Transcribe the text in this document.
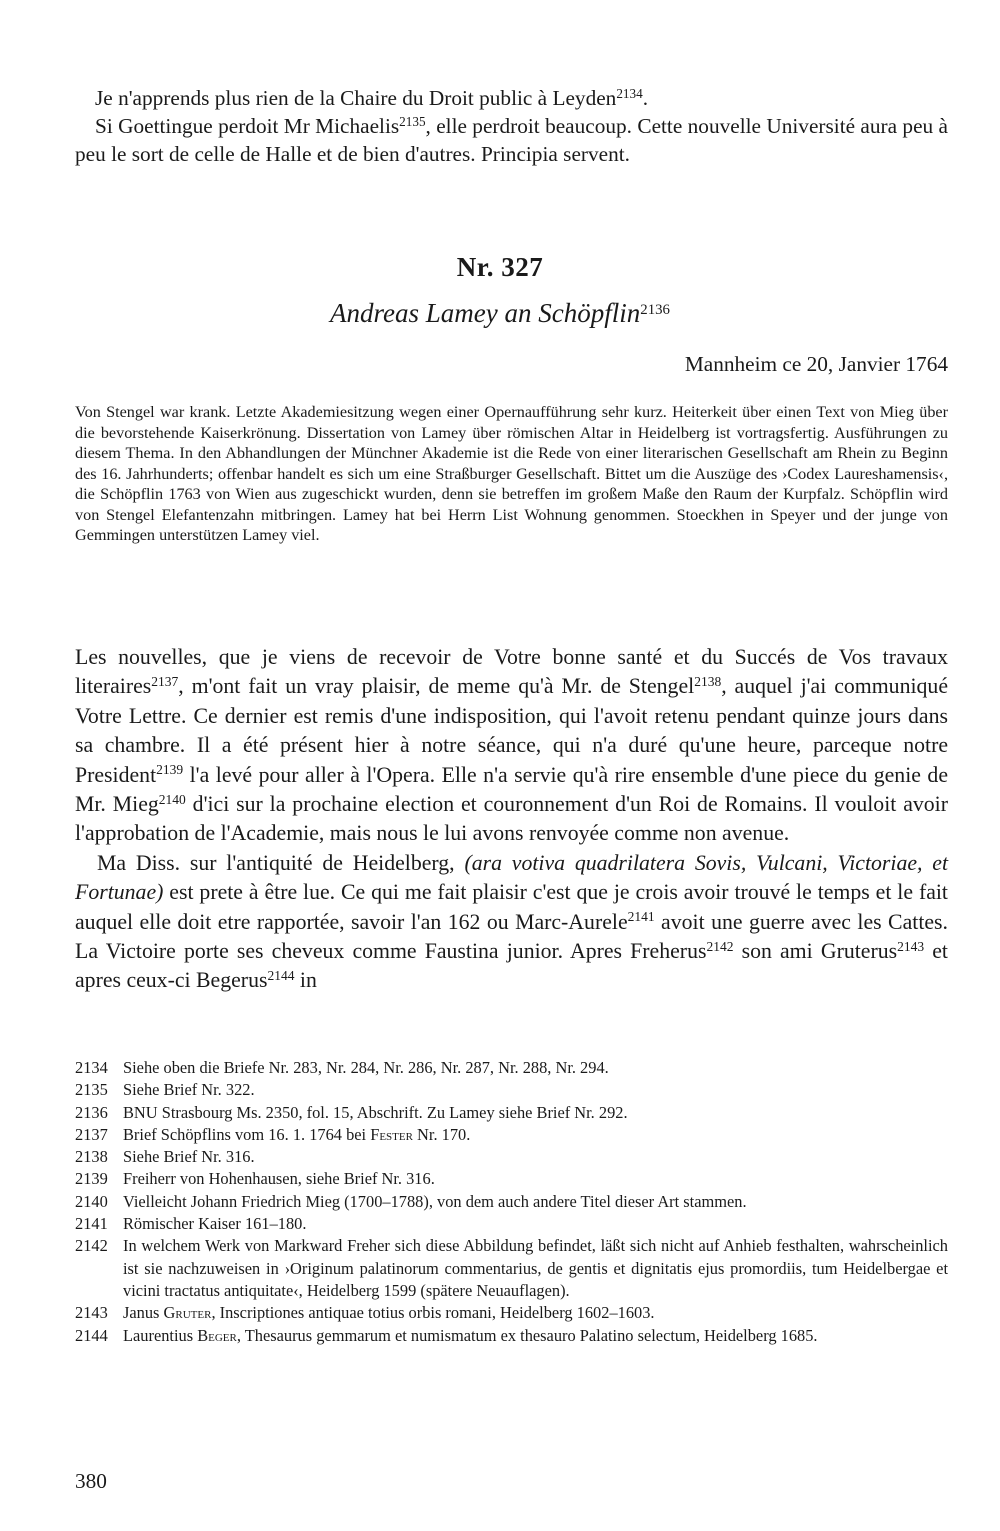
Je n'apprends plus rien de la Chaire du Droit public à Leyden$^{2134}$.

Si Goettingue perdoit Mr Michaelis$^{2135}$, elle perdroit beaucoup. Cette nouvelle Université aura peu à peu le sort de celle de Halle et de bien d'autres. Principia servent.

Nr. 327
Andreas Lamey an Schöpflin$^{2136}$
Mannheim ce 20, Janvier 1764

Von Stengel war krank. Letzte Akademiesitzung wegen einer Opernaufführung sehr kurz. Heiterkeit über einen Text von Mieg über die bevorstehende Kaiserkrönung. Dissertation von Lamey über römischen Altar in Heidelberg ist vortragsfertig. Ausführungen zu diesem Thema. In den Abhandlungen der Münchner Akademie ist die Rede von einer literarischen Gesellschaft am Rhein zu Beginn des 16. Jahrhunderts; offenbar handelt es sich um eine Straßburger Gesellschaft. Bittet um die Auszüge des ›Codex Laureshamensis‹, die Schöpflin 1763 von Wien aus zugeschickt wurden, denn sie betreffen im großem Maße den Raum der Kurpfalz. Schöpflin wird von Stengel Elefantenzahn mitbringen. Lamey hat bei Herrn List Wohnung genommen. Stoeckhen in Speyer und der junge von Gemmingen unterstützen Lamey viel.

Les nouvelles, que je viens de recevoir de Votre bonne santé et du Succés de Vos travaux literaires$^{2137}$, m'ont fait un vray plaisir, de meme qu'à Mr. de Stengel$^{2138}$, auquel j'ai communiqué Votre Lettre. Ce dernier est remis d'une indisposition, qui l'avoit retenu pendant quinze jours dans sa chambre. Il a été présent hier à notre séance, qui n'a duré qu'une heure, parceque notre President$^{2139}$ l'a levé pour aller à l'Opera. Elle n'a servie qu'à rire ensemble d'une piece du genie de Mr. Mieg$^{2140}$ d'ici sur la prochaine election et couronnement d'un Roi de Romains. Il vouloit avoir l'approbation de l'Academie, mais nous le lui avons renvoyée comme non avenue.

Ma Diss. sur l'antiquité de Heidelberg, (ara votiva quadrilatera Sovis, Vulcani, Victoriae, et Fortunae) est prete à être lue. Ce qui me fait plaisir c'est que je crois avoir trouvé le temps et le fait auquel elle doit etre rapportée, savoir l'an 162 ou Marc-Aurele$^{2141}$ avoit une guerre avec les Cattes. La Victoire porte ses cheveux comme Faustina junior. Apres Freherus$^{2142}$ son ami Gruterus$^{2143}$ et apres ceux-ci Begerus$^{2144}$ in

2134 Siehe oben die Briefe Nr. 283, Nr. 284, Nr. 286, Nr. 287, Nr. 288, Nr. 294.
2135 Siehe Brief Nr. 322.
2136 BNU Strasbourg Ms. 2350, fol. 15, Abschrift. Zu Lamey siehe Brief Nr. 292.
2137 Brief Schöpflins vom 16. 1. 1764 bei Fester Nr. 170.
2138 Siehe Brief Nr. 316.
2139 Freiherr von Hohenhausen, siehe Brief Nr. 316.
2140 Vielleicht Johann Friedrich Mieg (1700–1788), von dem auch andere Titel dieser Art stammen.
2141 Römischer Kaiser 161–180.
2142 In welchem Werk von Markward Freher sich diese Abbildung befindet, läßt sich nicht auf Anhieb festhalten, wahrscheinlich ist sie nachzuweisen in ›Originum palatinorum commentarius, de gentis et dignitatis ejus promordiis, tum Heidelbergae et vicini tractatus antiquitate‹, Heidelberg 1599 (spätere Neuauflagen).
2143 Janus Gruter, Inscriptiones antiquae totius orbis romani, Heidelberg 1602–1603.
2144 Laurentius Beger, Thesaurus gemmarum et numismatum ex thesauro Palatino selectum, Heidelberg 1685.
380
